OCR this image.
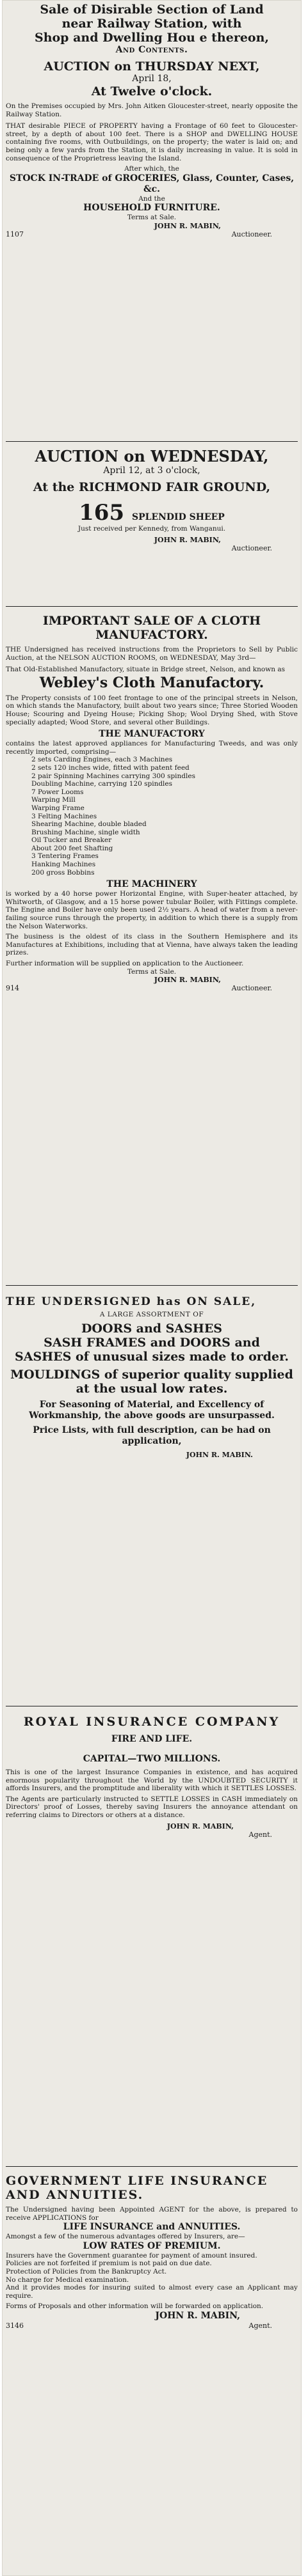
Sale of Disirable Section of Land

near Railway Station, with

Shop and Dwelling Hou e thereon,

And Contents.

AUCTION on THURSDAY NEXT,

April 18,

At Twelve o'clock.

On the Premises occupied by Mrs. John Aitken Gloucester-street, nearly opposite the Railway Station.

THAT desirable PIECE of PROPERTY having a Frontage of 60 feet to Gloucester-street, by a depth of about 100 feet. There is a SHOP and DWELLING HOUSE containing five rooms, with Outbuildings, on the property; the water is laid on; and being only a few yards from the Station, it is daily increasing in value. It is sold in consequence of the Proprietress leaving the Island.

After which, the

STOCK IN-TRADE of GROCERIES, Glass, Counter, Cases, &c.

And the

HOUSEHOLD FURNITURE.

Terms at Sale.

JOHN R. MABIN,

1107	Auctioneer.

AUCTION on WEDNESDAY,

April 12, at 3 o'clock,

At the RICHMOND FAIR GROUND,

165 SPLENDID SHEEP

Just received per Kennedy, from Wanganui.

JOHN R. MABIN,

Auctioneer.

IMPORTANT SALE OF A CLOTH MANUFACTORY.

THE Undersigned has received instructions from the Proprietors to Sell by Public Auction, at the NELSON AUCTION ROOMS, on WEDNESDAY, May 3rd—

That Old-Established Manufactory, situate in Bridge street, Nelson, and known as

Webley's Cloth Manufactory.

The Property consists of 100 feet frontage to one of the principal streets in Nelson, on which stands the Manufactory, built about two years since; Three Storied Wooden House; Scouring and Dyeing House; Picking Shop; Wool Drying Shed, with Stove specially adapted; Wood Store, and several other Buildings.

THE MANUFACTORY

contains the latest approved appliances for Manufacturing Tweeds, and was only recently imported, comprising—

2 sets Carding Engines, each 3 Machines

2 sets 120 inches wide, fitted with patent feed

2 pair Spinning Machines carrying 300 spindles

Doubling Machine, carrying 120 spindles

7 Power Looms

Warping Mill

Warping Frame

3 Felting Machines

Shearing Machine, double bladed

Brushing Machine, single width

Oil Tucker and Breaker

About 200 feet Shafting

3 Tentering Frames

Hanking Machines

200 gross Bobbins

THE MACHINERY

is worked by a 40 horse power Horizontal Engine, with Super-heater attached, by Whitworth, of Glasgow, and a 15 horse power tubular Boiler, with Fittings complete. The Engine and Boiler have only been used 2½ years. A head of water from a never-failing source runs through the property, in addition to which there is a supply from the Nelson Waterworks.

The business is the oldest of its class in the Southern Hemisphere and its Manufactures at Exhibitions, including that at Vienna, have always taken the leading prizes.

Further information will be supplied on application to the Auctioneer.

Terms at Sale.

JOHN R. MABIN,

914	Auctioneer.

THE UNDERSIGNED has ON SALE,

A LARGE ASSORTMENT OF

DOORS and SASHES

SASH FRAMES and DOORS and

SASHES of unusual sizes made to order.

MOULDINGS of superior quality supplied at the usual low rates.

For Seasoning of Material, and Excellency of Workmanship, the above goods are unsurpassed.

Price Lists, with full description, can be had on application,

JOHN R. MABIN.

ROYAL INSURANCE COMPANY

FIRE AND LIFE.

CAPITAL—TWO MILLIONS.

This is one of the largest Insurance Companies in existence, and has acquired enormous popularity throughout the World by the UNDOUBTED SECURITY it affords Insurers, and the promptitude and liberality with which it SETTLES LOSSES.

The Agents are particularly instructed to SETTLE LOSSES in CASH immediately on Directors' proof of Losses, thereby saving Insurers the annoyance attendant on referring claims to Directors or others at a distance.

JOHN R. MABIN,

Agent.

GOVERNMENT LIFE INSURANCE AND ANNUITIES.

The Undersigned having been Appointed AGENT for the above, is prepared to receive APPLICATIONS for

LIFE INSURANCE and ANNUITIES.

Amongst a few of the numerous advantages offered by Insurers, are—

LOW RATES OF PREMIUM.

Insurers have the Government guarantee for payment of amount insured.

Policies are not forfeited if premium is not paid on due date.

Protection of Policies from the Bankruptcy Act.

No charge for Medical examination.

And it provides modes for insuring suited to almost every case an Applicant may require.

Forms of Proposals and other information will be forwarded on application.

JOHN R. MABIN,

3146	Agent.
